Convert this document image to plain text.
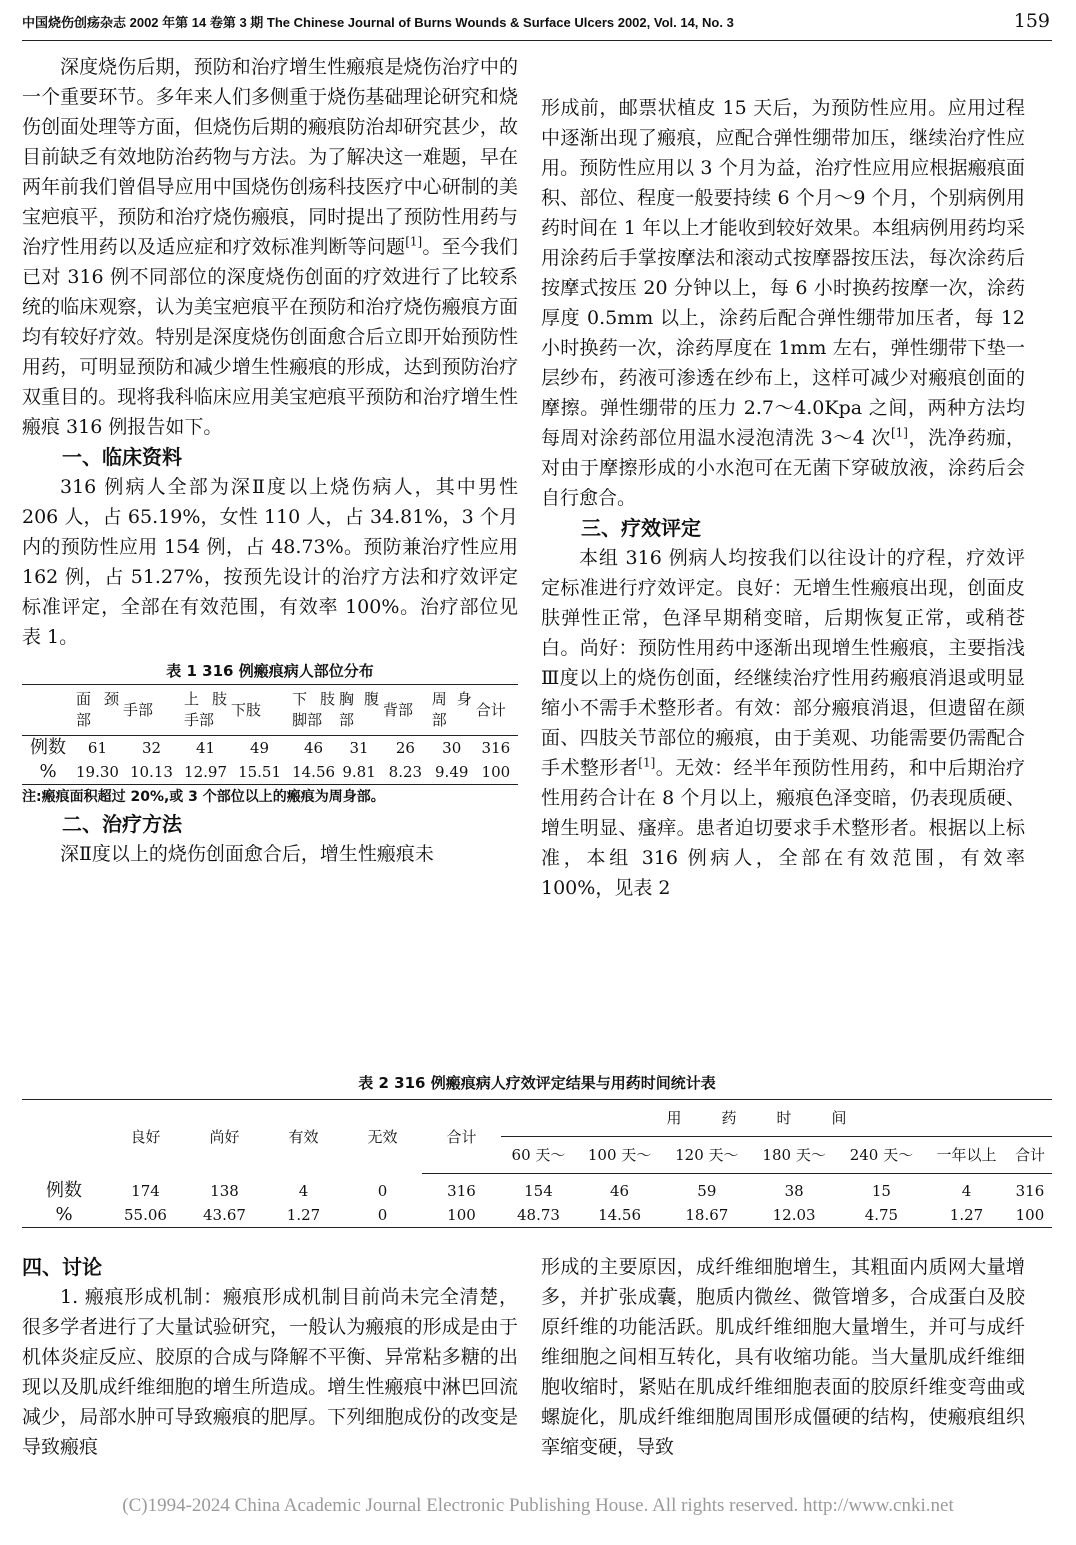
中国烧伤创疡杂志 2002 年第 14 卷第 3 期 The Chinese Journal of Burns Wounds & Surface Ulcers 2002, Vol. 14, No. 3	159

深度烧伤后期，预防和治疗增生性瘢痕是烧伤治疗中的一个重要环节。多年来人们多侧重于烧伤基础理论研究和烧伤创面处理等方面，但烧伤后期的瘢痕防治却研究甚少，故目前缺乏有效地防治药物与方法。为了解决这一难题，早在两年前我们曾倡导应用中国烧伤创疡科技医疗中心研制的美宝疤痕平，预防和治疗烧伤瘢痕，同时提出了预防性用药与治疗性用药以及适应症和疗效标准判断等问题[1]。至今我们已对 316 例不同部位的深度烧伤创面的疗效进行了比较系统的临床观察，认为美宝疤痕平在预防和治疗烧伤瘢痕方面均有较好疗效。特别是深度烧伤创面愈合后立即开始预防性用药，可明显预防和减少增生性瘢痕的形成，达到预防治疗双重目的。现将我科临床应用美宝疤痕平预防和治疗增生性瘢痕 316 例报告如下。

一、临床资料

316 例病人全部为深Ⅱ度以上烧伤病人，其中男性 206 人，占 65.19%，女性 110 人，占 34.81%，3 个月内的预防性应用 154 例，占 48.73%。预防兼治疗性应用 162 例，占 51.27%，按预先设计的治疗方法和疗效评定标准评定，全部在有效范围，有效率 100%。治疗部位见表 1。

表 1 316 例瘢痕病人部位分布
	面颈部	手部	上肢手部	下肢	下肢脚部	胸腹部	背部	周身部	合计
例数	61	32	41	49	46	31	26	30	316
%	19.30	10.13	12.97	15.51	14.56	9.81	8.23	9.49	100
注:瘢痕面积超过 20%,或 3 个部位以上的瘢痕为周身部。
二、治疗方法

深Ⅱ度以上的烧伤创面愈合后，增生性瘢痕未

形成前，邮票状植皮 15 天后，为预防性应用。应用过程中逐渐出现了瘢痕，应配合弹性绷带加压，继续治疗性应用。预防性应用以 3 个月为益，治疗性应用应根据瘢痕面积、部位、程度一般要持续 6 个月～9 个月，个别病例用药时间在 1 年以上才能收到较好效果。本组病例用药均采用涂药后手掌按摩法和滚动式按摩器按压法，每次涂药后按摩式按压 20 分钟以上，每 6 小时换药按摩一次，涂药厚度 0.5mm 以上，涂药后配合弹性绷带加压者，每 12 小时换药一次，涂药厚度在 1mm 左右，弹性绷带下垫一层纱布，药液可渗透在纱布上，这样可减少对瘢痕创面的摩擦。弹性绷带的压力 2.7～4.0Kpa 之间，两种方法均每周对涂药部位用温水浸泡清洗 3～4 次[1]，洗净药痂，对由于摩擦形成的小水泡可在无菌下穿破放液，涂药后会自行愈合。

三、疗效评定

本组 316 例病人均按我们以往设计的疗程，疗效评定标准进行疗效评定。良好：无增生性瘢痕出现，创面皮肤弹性正常，色泽早期稍变暗，后期恢复正常，或稍苍白。尚好：预防性用药中逐渐出现增生性瘢痕，主要指浅Ⅲ度以上的烧伤创面，经继续治疗性用药瘢痕消退或明显缩小不需手术整形者。有效：部分瘢痕消退，但遗留在颜面、四肢关节部位的瘢痕，由于美观、功能需要仍需配合手术整形者[1]。无效：经半年预防性用药，和中后期治疗性用药合计在 8 个月以上，瘢痕色泽变暗，仍表现质硬、增生明显、瘙痒。患者迫切要求手术整形者。根据以上标准，本组 316 例病人，全部在有效范围，有效率 100%，见表 2

表 2 316 例瘢痕病人疗效评定结果与用药时间统计表
	良好	尚好	有效	无效	合计	用药时间						
						60 天～	100 天～	120 天～	180 天～	240 天～	一年以上	合计
例数	174	138	4	0	316	154	46	59	38	15	4	316
%	55.06	43.67	1.27	0	100	48.73	14.56	18.67	12.03	4.75	1.27	100
四、讨论

1. 瘢痕形成机制：瘢痕形成机制目前尚未完全清楚，很多学者进行了大量试验研究，一般认为瘢痕的形成是由于机体炎症反应、胶原的合成与降解不平衡、异常粘多糖的出现以及肌成纤维细胞的增生所造成。增生性瘢痕中淋巴回流减少，局部水肿可导致瘢痕的肥厚。下列细胞成份的改变是导致瘢痕

形成的主要原因，成纤维细胞增生，其粗面内质网大量增多，并扩张成囊，胞质内微丝、微管增多，合成蛋白及胶原纤维的功能活跃。肌成纤维细胞大量增生，并可与成纤维细胞之间相互转化，具有收缩功能。当大量肌成纤维细胞收缩时，紧贴在肌成纤维细胞表面的胶原纤维变弯曲或螺旋化，肌成纤维细胞周围形成僵硬的结构，使瘢痕组织挛缩变硬，导致

(C)1994-2024 China Academic Journal Electronic Publishing House. All rights reserved. http://www.cnki.net
